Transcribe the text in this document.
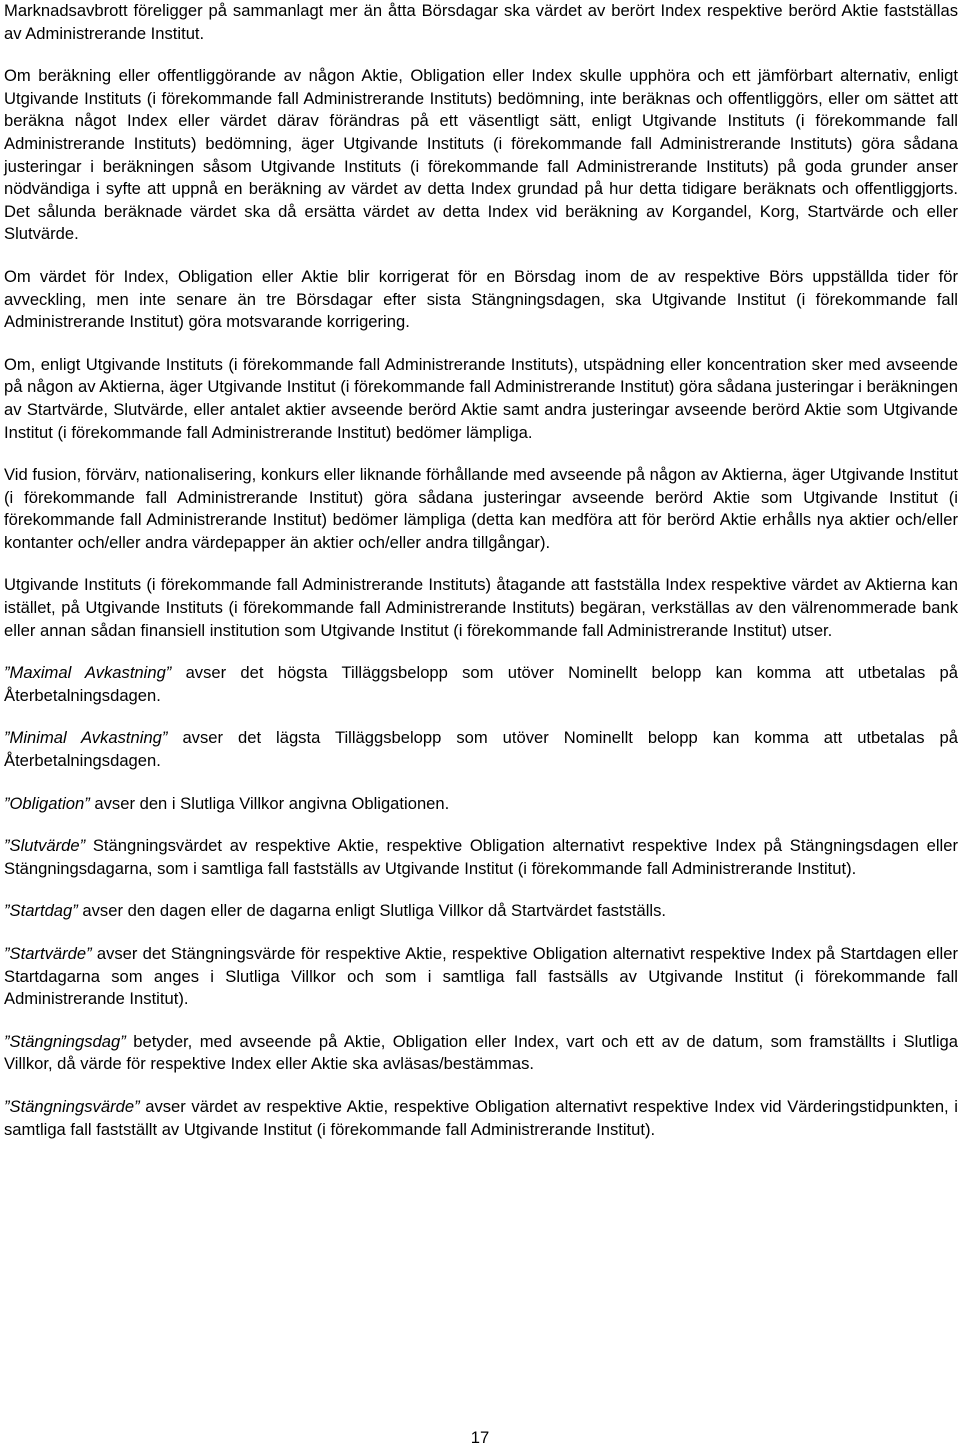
Marknadsavbrott föreligger på sammanlagt mer än åtta Börsdagar ska värdet av berört Index respektive berörd Aktie fastställas av Administrerande Institut.

Om beräkning eller offentliggörande av någon Aktie, Obligation eller Index skulle upphöra och ett jämförbart alternativ, enligt Utgivande Instituts (i förekommande fall Administrerande Instituts) bedömning, inte beräknas och offentliggörs, eller om sättet att beräkna något Index eller värdet därav förändras på ett väsentligt sätt, enligt Utgivande Instituts (i förekommande fall Administrerande Instituts) bedömning, äger Utgivande Instituts (i förekommande fall Administrerande Instituts) göra sådana justeringar i beräkningen såsom Utgivande Instituts (i förekommande fall Administrerande Instituts) på goda grunder anser nödvändiga i syfte att uppnå en beräkning av värdet av detta Index grundad på hur detta tidigare beräknats och offentliggjorts. Det sålunda beräknade värdet ska då ersätta värdet av detta Index vid beräkning av Korgandel, Korg, Startvärde och eller Slutvärde.

Om värdet för Index, Obligation eller Aktie blir korrigerat för en Börsdag inom de av respektive Börs uppställda tider för avveckling, men inte senare än tre Börsdagar efter sista Stängningsdagen, ska Utgivande Institut (i förekommande fall Administrerande Institut) göra motsvarande korrigering.

Om, enligt Utgivande Instituts (i förekommande fall Administrerande Instituts), utspädning eller koncentration sker med avseende på någon av Aktierna, äger Utgivande Institut (i förekommande fall Administrerande Institut) göra sådana justeringar i beräkningen av Startvärde, Slutvärde, eller antalet aktier avseende berörd Aktie samt andra justeringar avseende berörd Aktie som Utgivande Institut (i förekommande fall Administrerande Institut) bedömer lämpliga.

Vid fusion, förvärv, nationalisering, konkurs eller liknande förhållande med avseende på någon av Aktierna, äger Utgivande Institut (i förekommande fall Administrerande Institut) göra sådana justeringar avseende berörd Aktie som Utgivande Institut (i förekommande fall Administrerande Institut) bedömer lämpliga (detta kan medföra att för berörd Aktie erhålls nya aktier och/eller kontanter och/eller andra värdepapper än aktier och/eller andra tillgångar).

Utgivande Instituts (i förekommande fall Administrerande Instituts) åtagande att fastställa Index respektive värdet av Aktierna kan istället, på Utgivande Instituts (i förekommande fall Administrerande Instituts) begäran, verkställas av den välrenommerade bank eller annan sådan finansiell institution som Utgivande Institut (i förekommande fall Administrerande Institut) utser.

”Maximal Avkastning” avser det högsta Tilläggsbelopp som utöver Nominellt belopp kan komma att utbetalas på Återbetalningsdagen.

”Minimal Avkastning” avser det lägsta Tilläggsbelopp som utöver Nominellt belopp kan komma att utbetalas på Återbetalningsdagen.

”Obligation” avser den i Slutliga Villkor angivna Obligationen.

”Slutvärde” Stängningsvärdet av respektive Aktie, respektive Obligation alternativt respektive Index på Stängningsdagen eller Stängningsdagarna, som i samtliga fall fastställs av Utgivande Institut (i förekommande fall Administrerande Institut).

”Startdag” avser den dagen eller de dagarna enligt Slutliga Villkor då Startvärdet fastställs.

”Startvärde” avser det Stängningsvärde för respektive Aktie, respektive Obligation alternativt respektive Index på Startdagen eller Startdagarna som anges i Slutliga Villkor och som i samtliga fall fastsälls av Utgivande Institut (i förekommande fall Administrerande Institut).

”Stängningsdag” betyder, med avseende på Aktie, Obligation eller Index, vart och ett av de datum, som framställts i Slutliga Villkor, då värde för respektive Index eller Aktie ska avläsas/bestämmas.

”Stängningsvärde” avser värdet av respektive Aktie, respektive Obligation alternativt respektive Index vid Värderingstidpunkten, i samtliga fall fastställt av Utgivande Institut (i förekommande fall Administrerande Institut).

17
